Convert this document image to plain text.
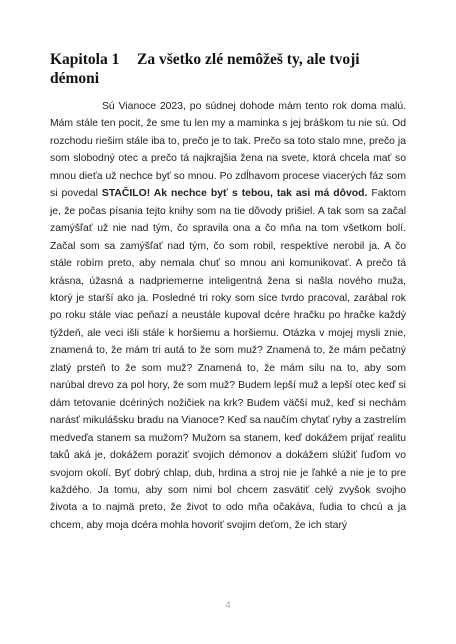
Kapitola 1 Za všetko zlé nemôžeš ty, ale tvoji démoni

Sú Vianoce 2023, po súdnej dohode mám tento rok doma malú. Mám stále ten pocit, že sme tu len my a maminka s jej bráškom tu nie sú. Od rozchodu riešim stále iba to, prečo je to tak. Prečo sa toto stalo mne, prečo ja som slobodný otec a prečo tá najkrajšia žena na svete, ktorá chcela mať so mnou dieťa už nechce byť so mnou. Po zdĺhavom procese viacerých fáz som si povedal STAČILO! Ak nechce byť s tebou, tak asi má dôvod. Faktom je, že počas písania tejto knihy som na tie dôvody prišiel. A tak som sa začal zamýšľať už nie nad tým, čo spravila ona a čo mňa na tom všetkom bolí. Začal som sa zamýšľať nad tým, čo som robil, respektíve nerobil ja. A čo stále robím preto, aby nemala chuť so mnou ani komunikovať. A prečo tá krásna, úžasná a nadpriemerne inteligentná žena si našla nového muža, ktorý je starší ako ja. Posledné tri roky som síce tvrdo pracoval, zarábal rok po roku stále viac peňazí a neustále kupoval dcére hračku po hračke každý týždeň, ale veci išli stále k horšiemu a horšiemu. Otázka v mojej mysli znie, znamená to, že mám tri autá to že som muž? Znamená to, že mám pečatný zlatý prsteň to že som muž? Znamená to, že mám silu na to, aby som narúbal drevo za pol hory, že som muž? Budem lepší muž a lepší otec keď si dám tetovanie dcériných nožičiek na krk? Budem väčší muž, keď si nechám narásť mikulášsku bradu na Vianoce? Keď sa naučím chytať ryby a zastrelím medveďa stanem sa mužom? Mužom sa stanem, keď dokážem prijať realitu taků aká je, dokážem poraziť svojich démonov a dokážem slúžiť ľuďom vo svojom okolí. Byť dobrý chlap, dub, hrdina a stroj nie je ľahké a nie je to pre každého. Ja tomu, aby som nimi bol chcem zasvätiť celý zvyšok svojho života a to najmä preto, že život to odo mňa očakáva, ľudia to chcú a ja chcem, aby moja dcéra mohla hovoriť svojim deťom, že ich starý

4
